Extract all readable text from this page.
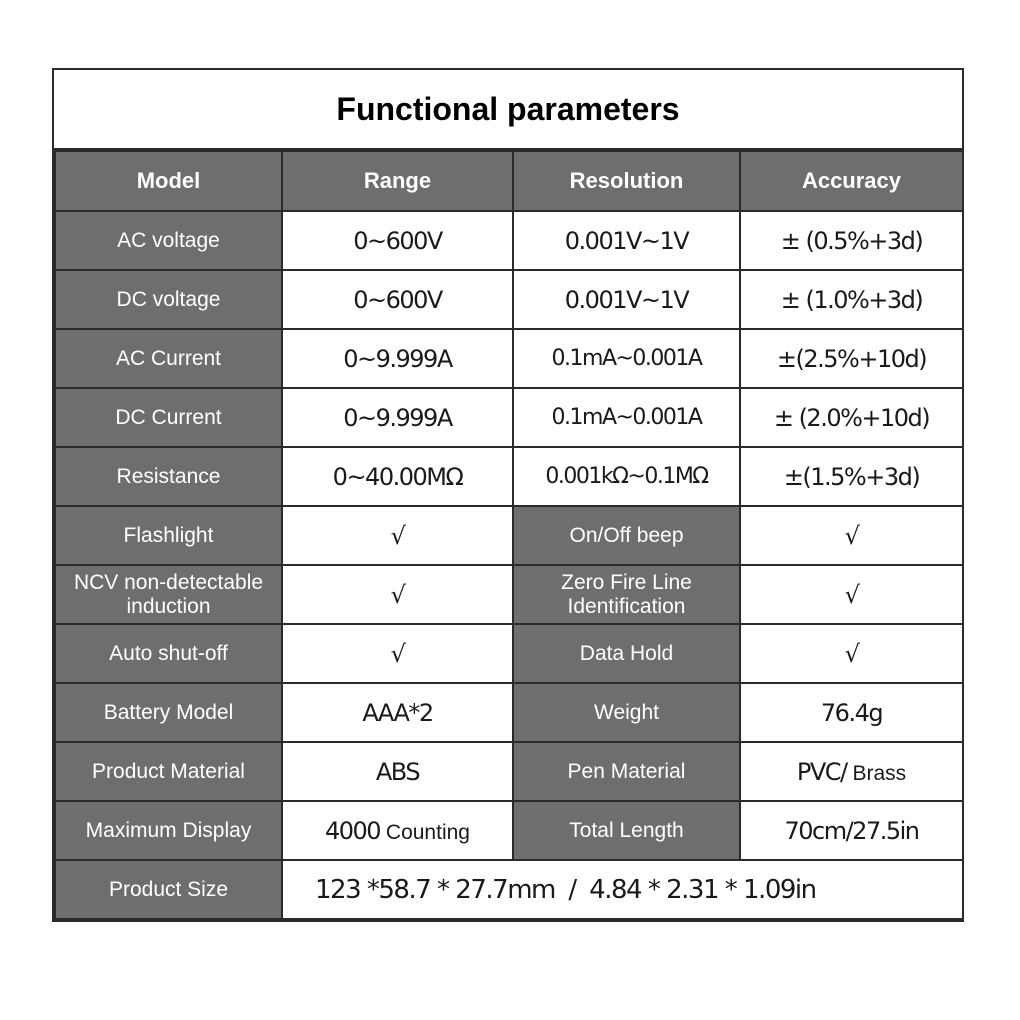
Functional parameters
Model	Range	Resolution	Accuracy
AC voltage	0~600V	0.001V~1V	± (0.5%+3d)
DC voltage	0~600V	0.001V~1V	± (1.0%+3d)
AC Current	0~9.999A	0.1mA~0.001A	±(2.5%+10d)
DC Current	0~9.999A	0.1mA~0.001A	± (2.0%+10d)
Resistance	0~40.00MΩ	0.001kΩ~0.1MΩ	±(1.5%+3d)
Flashlight	√	On/Off beep	√
NCV non-detectable induction	√	Zero Fire Line Identification	√
Auto shut-off	√	Data Hold	√
Battery Model	AAA*2	Weight	76.4g
Product Material	ABS	Pen Material	PVC/ Brass
Maximum Display	4000 Counting	Total Length	70cm/27.5in
Product Size	123 *58.7 * 27.7mm  /  4.84 * 2.31 * 1.09in		
